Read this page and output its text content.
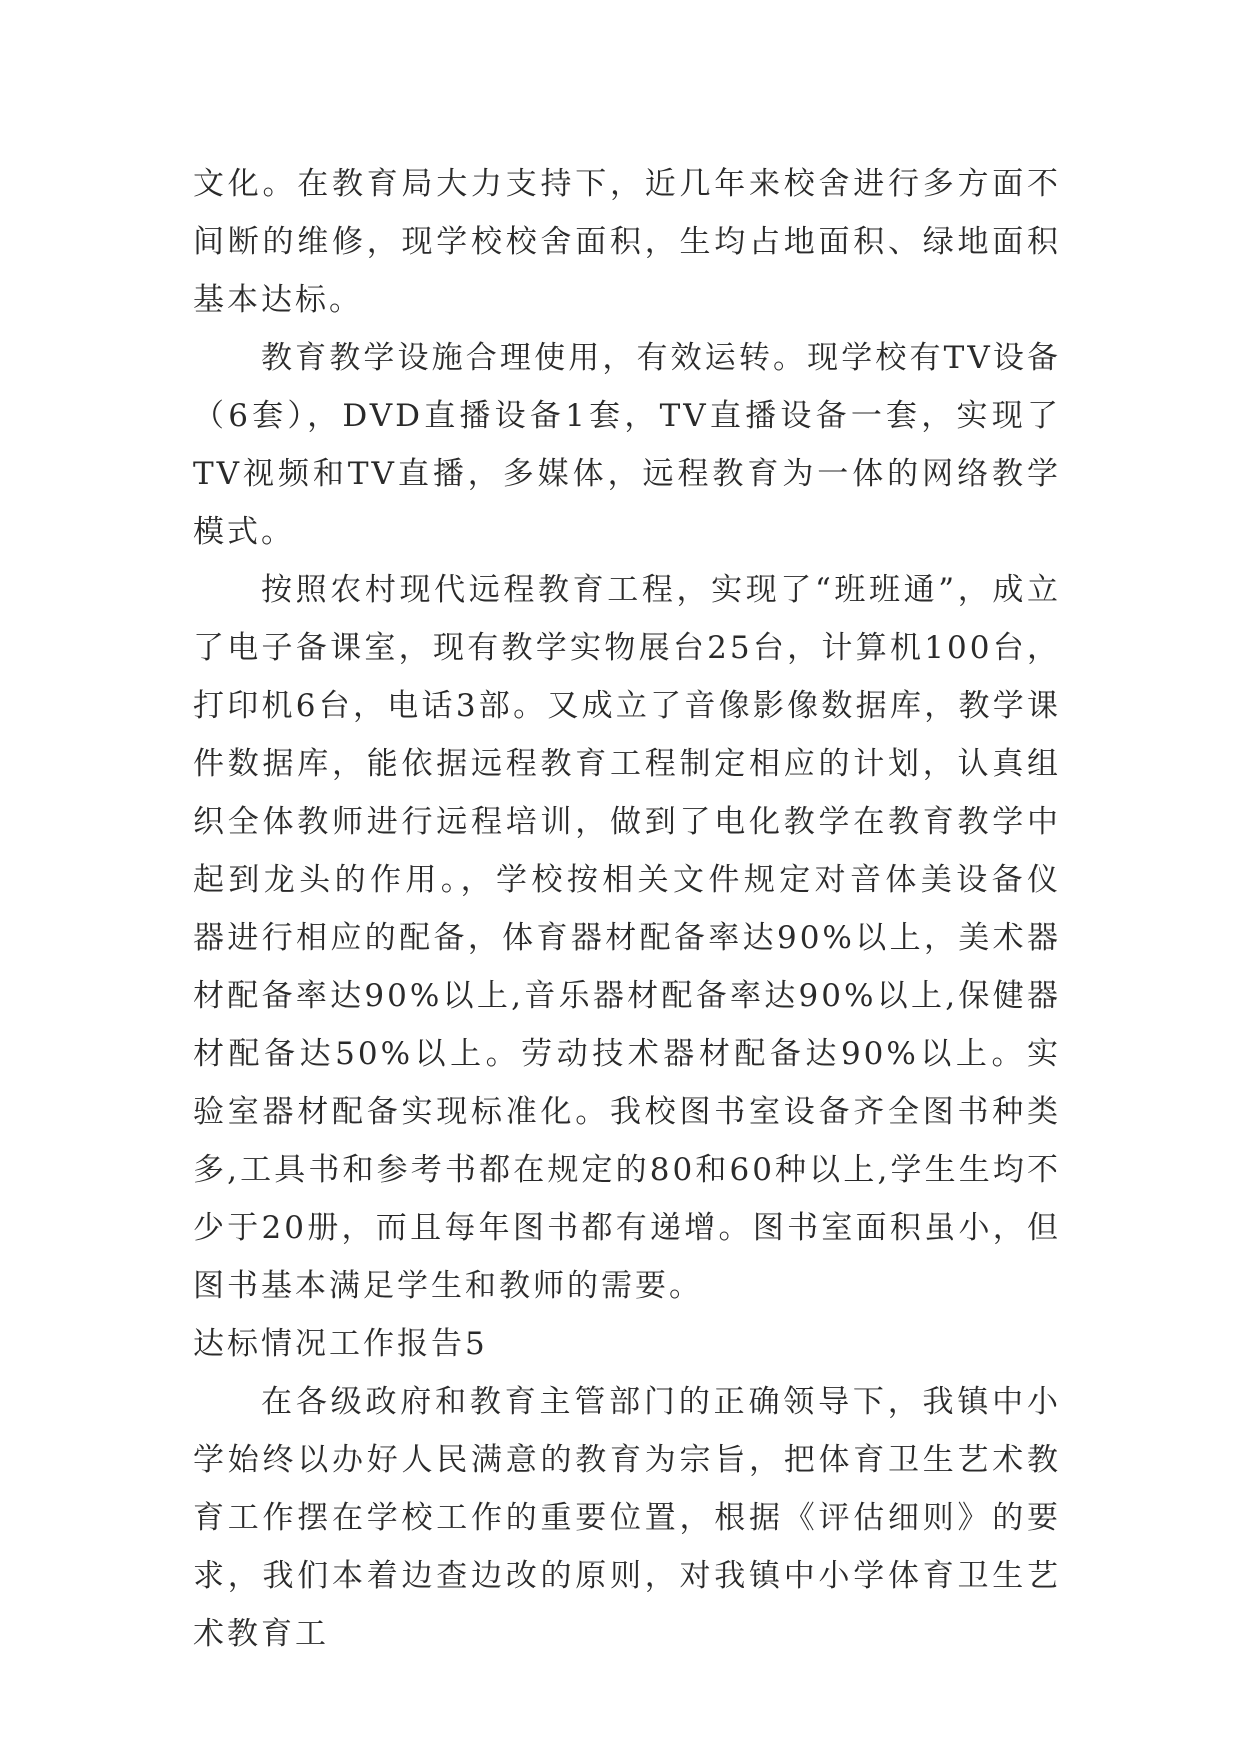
文化。在教育局大力支持下，近几年来校舍进行多方面不间断的维修，现学校校舍面积，生均占地面积、绿地面积基本达标。

教育教学设施合理使用，有效运转。现学校有TV设备（6套），DVD直播设备1套，TV直播设备一套，实现了TV视频和TV直播，多媒体，远程教育为一体的网络教学模式。

按照农村现代远程教育工程，实现了“班班通”，成立了电子备课室，现有教学实物展台25台，计算机100台，打印机6台，电话3部。又成立了音像影像数据库，教学课件数据库，能依据远程教育工程制定相应的计划，认真组织全体教师进行远程培训，做到了电化教学在教育教学中起到龙头的作用。，学校按相关文件规定对音体美设备仪器进行相应的配备，体育器材配备率达90%以上，美术器材配备率达90%以上,音乐器材配备率达90%以上,保健器材配备达50%以上。劳动技术器材配备达90%以上。实验室器材配备实现标准化。我校图书室设备齐全图书种类多,工具书和参考书都在规定的80和60种以上,学生生均不少于20册，而且每年图书都有递增。图书室面积虽小，但图书基本满足学生和教师的需要。

达标情况工作报告5

在各级政府和教育主管部门的正确领导下，我镇中小学始终以办好人民满意的教育为宗旨，把体育卫生艺术教育工作摆在学校工作的重要位置，根据《评估细则》的要求，我们本着边查边改的原则，对我镇中小学体育卫生艺术教育工
